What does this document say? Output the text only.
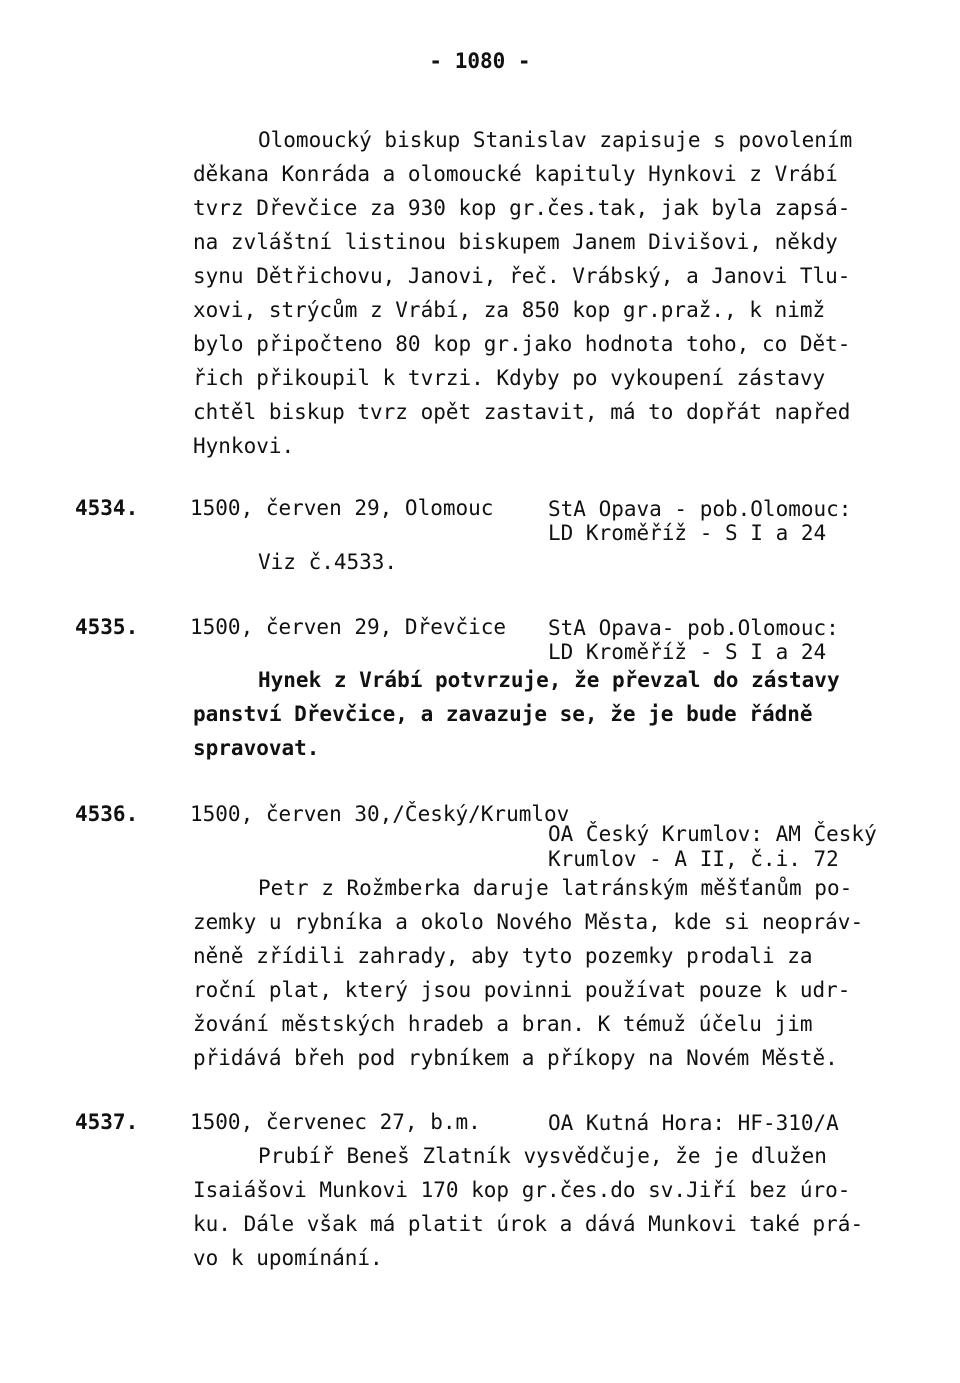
- 1080 -
Olomoucký biskup Stanislav zapisuje s povolením
děkana Konráda a olomoucké kapituly Hynkovi z Vrábí
tvrz Dřevčice za 930 kop gr.čes.tak, jak byla zapsá-
na zvláštní listinou biskupem Janem Divišovi, někdy
synu Dětřichovu, Janovi, řeč. Vrábský, a Janovi Tlu-
xovi, strýcům z Vrábí, za 850 kop gr.praž., k nimž
bylo připočteno 80 kop gr.jako hodnota toho, co Dět-
řich přikoupil k tvrzi. Kdyby po vykoupení zástavy
chtěl biskup tvrz opět zastavit, má to dopřát napřed
Hynkovi.
4534. 1500, červen 29, Olomouc	StA Opava - pob.Olomouc:
LD Kroměříž - S I a 24
Viz č.4533.
4535. 1500, červen 29, Dřevčice StA Opava- pob.Olomouc:
LD Kroměříž - S I a 24
Hynek z Vrábí potvrzuje, že převzal do zástavy
panství Dřevčice, a zavazuje se, že je bude řádně
spravovat.
4536. 1500, červen 30,/Český/Krumlov
OA Český Krumlov: AM Český
Krumlov - A II, č.i. 72
Petr z Rožmberka daruje latránským měšťanům po-
zemky u rybníka a okolo Nového Města, kde si neopráv-
něně zřídili zahrady, aby tyto pozemky prodali za
roční plat, který jsou povinni používat pouze k udr-
žování městských hradeb a bran. K témuž účelu jim
přidává břeh pod rybníkem a příkopy na Novém Městě.
4537. 1500, červenec 27, b.m.	OA Kutná Hora: HF-310/A
Prubíř Beneš Zlatník vysvědčuje, že je dlužen
Isaiášovi Munkovi 170 kop gr.čes.do sv.Jiří bez úro-
ku. Dále však má platit úrok a dává Munkovi také prá-
vo k upomínání.
